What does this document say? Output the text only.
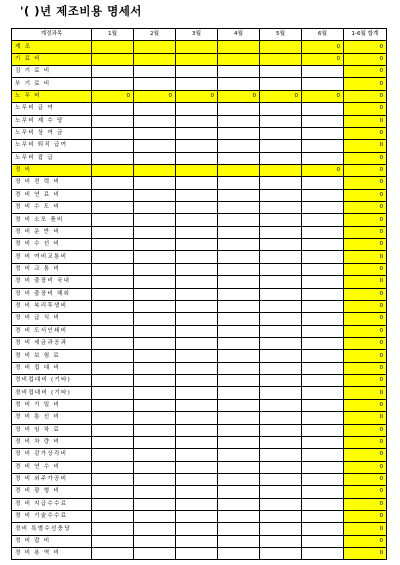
'( )년 제조비용 명세서
계정과목	1월	2월	3월	4월	5월	6월	1-6월 합계
계 조						0	0
기 료 비						0	0
김 기 료 비							0
부 기 료 비							0
노 무 비	0	0	0	0	0	0	0
노무비 급 여							0
노무비 제 수 당							0
노무비 상 여 금							0
노무비 퇴직 급여							0
노무비 잡 급							0
경 비						0	0
경 비 전 력 비							0
경 비 연 료 비							0
경 비 수 도 비							0
경 비 소모 품비							0
경 비 운 반 비							0
경 비 수 선 비							0
경 비 여비교통비							0
경 비 교 통 비							0
경 비 출장비 국내							0
경 비 출장비 해외							0
경 비 복리후생비							0
경 비 급 식 비							0
경 비 도서인쇄비							0
경 비 세금과공과							0
경 비 보 험 료							0
경 비 접 대 비							0
경비접대비 (기타)							0
경비접대비 (기타)							0
경 비 기 밀 비							0
경 비 통 신 비							0
경 비 임 차 료							0
경 비 차 량 비							0
경 비 감가상각비							0
경 비 연 수 비							0
경 비 외주가공비							0
경 비 광 형 비							0
경 비 지급수수료							0
경 비 기술수수료							0
경비 특별수선충당							0
경 비 잡 비							0
경 비 용 역 비							0
